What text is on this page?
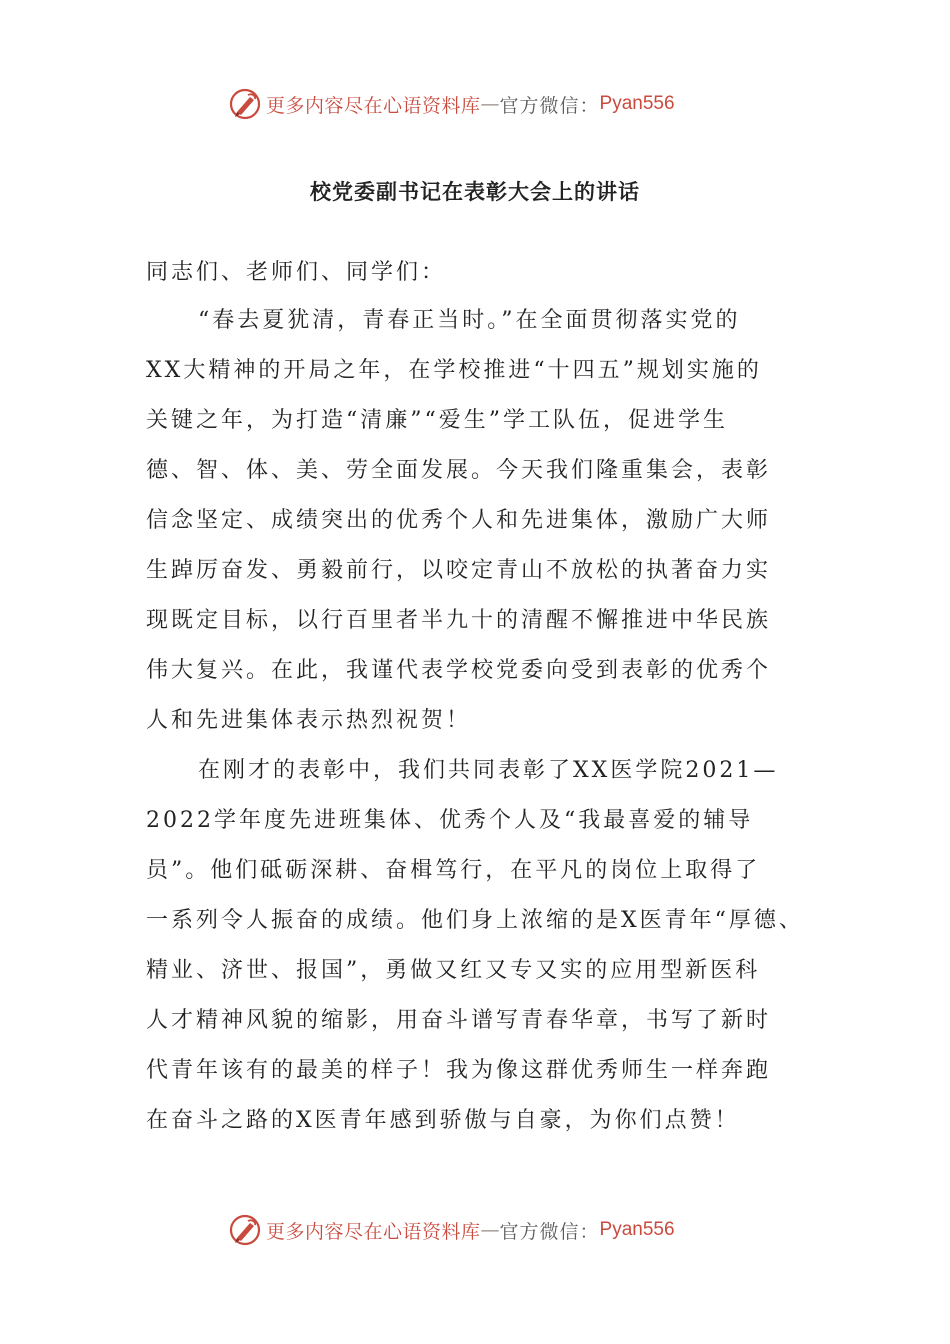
更多内容尽在心语资料库 — 官方微信： Pyan556
校党委副书记在表彰大会上的讲话
同志们、老师们、同学们：
“春去夏犹清，青春正当时。”在全面贯彻落实党的
XX大精神的开局之年，在学校推进“十四五”规划实施的
关键之年，为打造“清廉”“爱生”学工队伍，促进学生
德、智、体、美、劳全面发展。今天我们隆重集会，表彰
信念坚定、成绩突出的优秀个人和先进集体，激励广大师
生踔厉奋发、勇毅前行，以咬定青山不放松的执著奋力实
现既定目标，以行百里者半九十的清醒不懈推进中华民族
伟大复兴。在此，我谨代表学校党委向受到表彰的优秀个
人和先进集体表示热烈祝贺！
在刚才的表彰中，我们共同表彰了XX医学院2021—
2022学年度先进班集体、优秀个人及“我最喜爱的辅导
员”。他们砥砺深耕、奋楫笃行，在平凡的岗位上取得了
一系列令人振奋的成绩。他们身上浓缩的是X医青年“厚德、
精业、济世、报国”，勇做又红又专又实的应用型新医科
人才精神风貌的缩影，用奋斗谱写青春华章，书写了新时
代青年该有的最美的样子！我为像这群优秀师生一样奔跑
在奋斗之路的X医青年感到骄傲与自豪，为你们点赞！
更多内容尽在心语资料库 — 官方微信： Pyan556
